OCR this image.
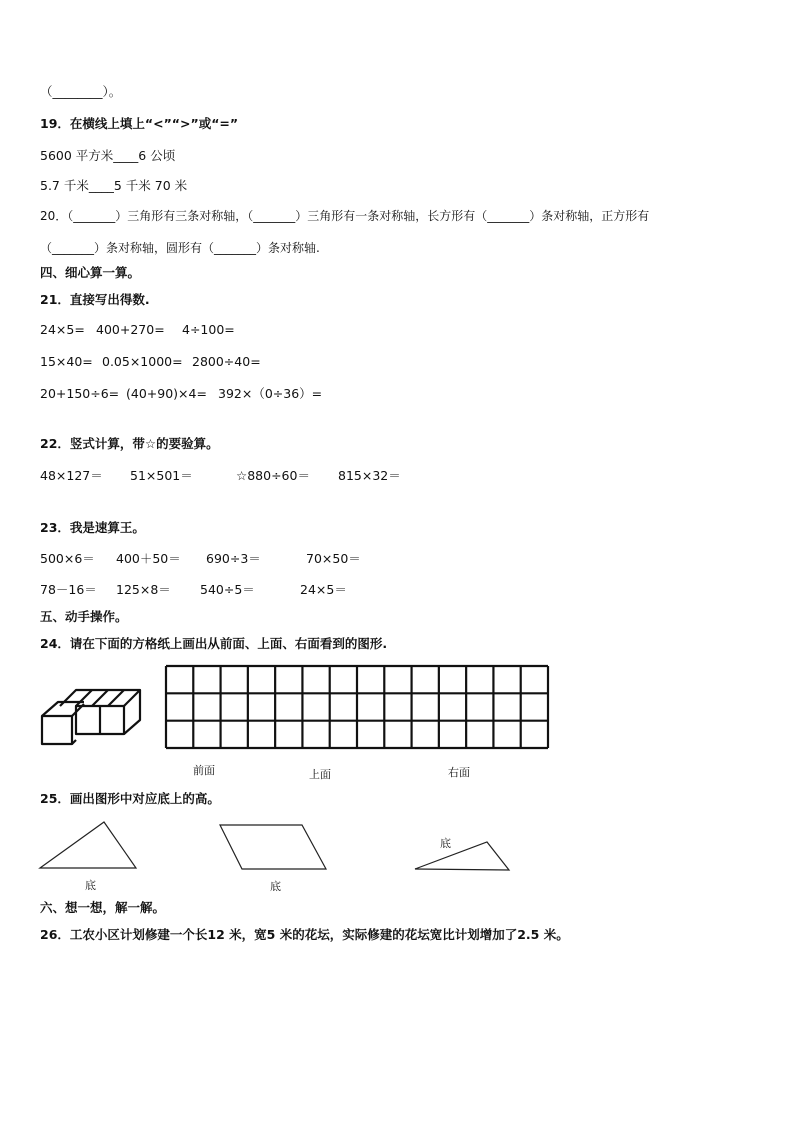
（________）。
19．在横线上填上“<”“>”或“=”
5600 平方米____6 公顷
5.7 千米____5 千米 70 米
20．（_______）三角形有三条对称轴，（_______）三角形有一条对称轴，长方形有（_______）条对称轴，正方形有
（_______）条对称轴，圆形有（_______）条对称轴.
四、细心算一算。
21．直接写出得数.
24×5= 400+270= 4÷100=
15×40= 0.05×1000= 2800÷40=
20+150÷6= (40+90)×4= 392×（0÷36）=
22．竖式计算，带☆的要验算。
48×127＝ 51×501＝	☆880÷60＝ 815×32＝
23．我是速算王。
500×6＝ 400＋50＝ 690÷3＝	70×50＝
78－16＝ 125×8＝ 540÷5＝	24×5＝
五、动手操作。
24．请在下面的方格纸上画出从前面、上面、右面看到的图形.
前面	上面	右面
25．画出图形中对应底上的高。
底	底
底
六、想一想，解一解。
26．工农小区计划修建一个长12 米，宽5 米的花坛，实际修建的花坛宽比计划增加了2.5 米。
